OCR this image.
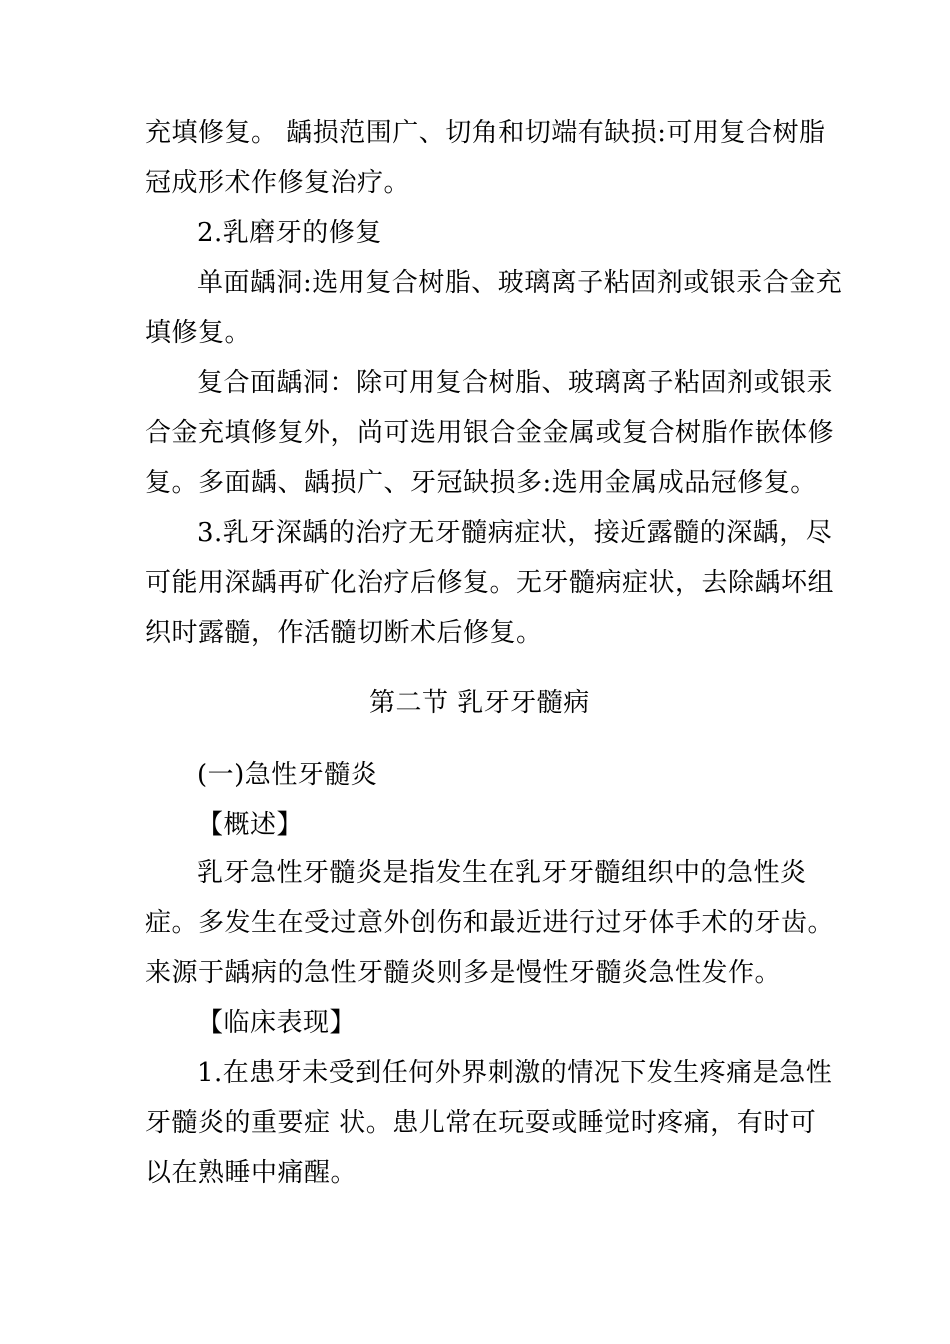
充填修复。 龋损范围广、切角和切端有缺损:可用复合树脂
冠成形术作修复治疗。
2.乳磨牙的修复
单面龋洞:选用复合树脂、玻璃离子粘固剂或银汞合金充
填修复。
复合面龋洞：除可用复合树脂、玻璃离子粘固剂或银汞
合金充填修复外，尚可选用银合金金属或复合树脂作嵌体修
复。多面龋、龋损广、牙冠缺损多:选用金属成品冠修复。
3.乳牙深龋的治疗无牙髓病症状，接近露髓的深龋，尽
可能用深龋再矿化治疗后修复。无牙髓病症状，去除龋坏组
织时露髓，作活髓切断术后修复。
第二节 乳牙牙髓病
(一)急性牙髓炎
【概述】
乳牙急性牙髓炎是指发生在乳牙牙髓组织中的急性炎
症。多发生在受过意外创伤和最近进行过牙体手术的牙齿。
来源于龋病的急性牙髓炎则多是慢性牙髓炎急性发作。
【临床表现】
1.在患牙未受到任何外界刺激的情况下发生疼痛是急性
牙髓炎的重要症 状。患儿常在玩耍或睡觉时疼痛，有时可
以在熟睡中痛醒。
